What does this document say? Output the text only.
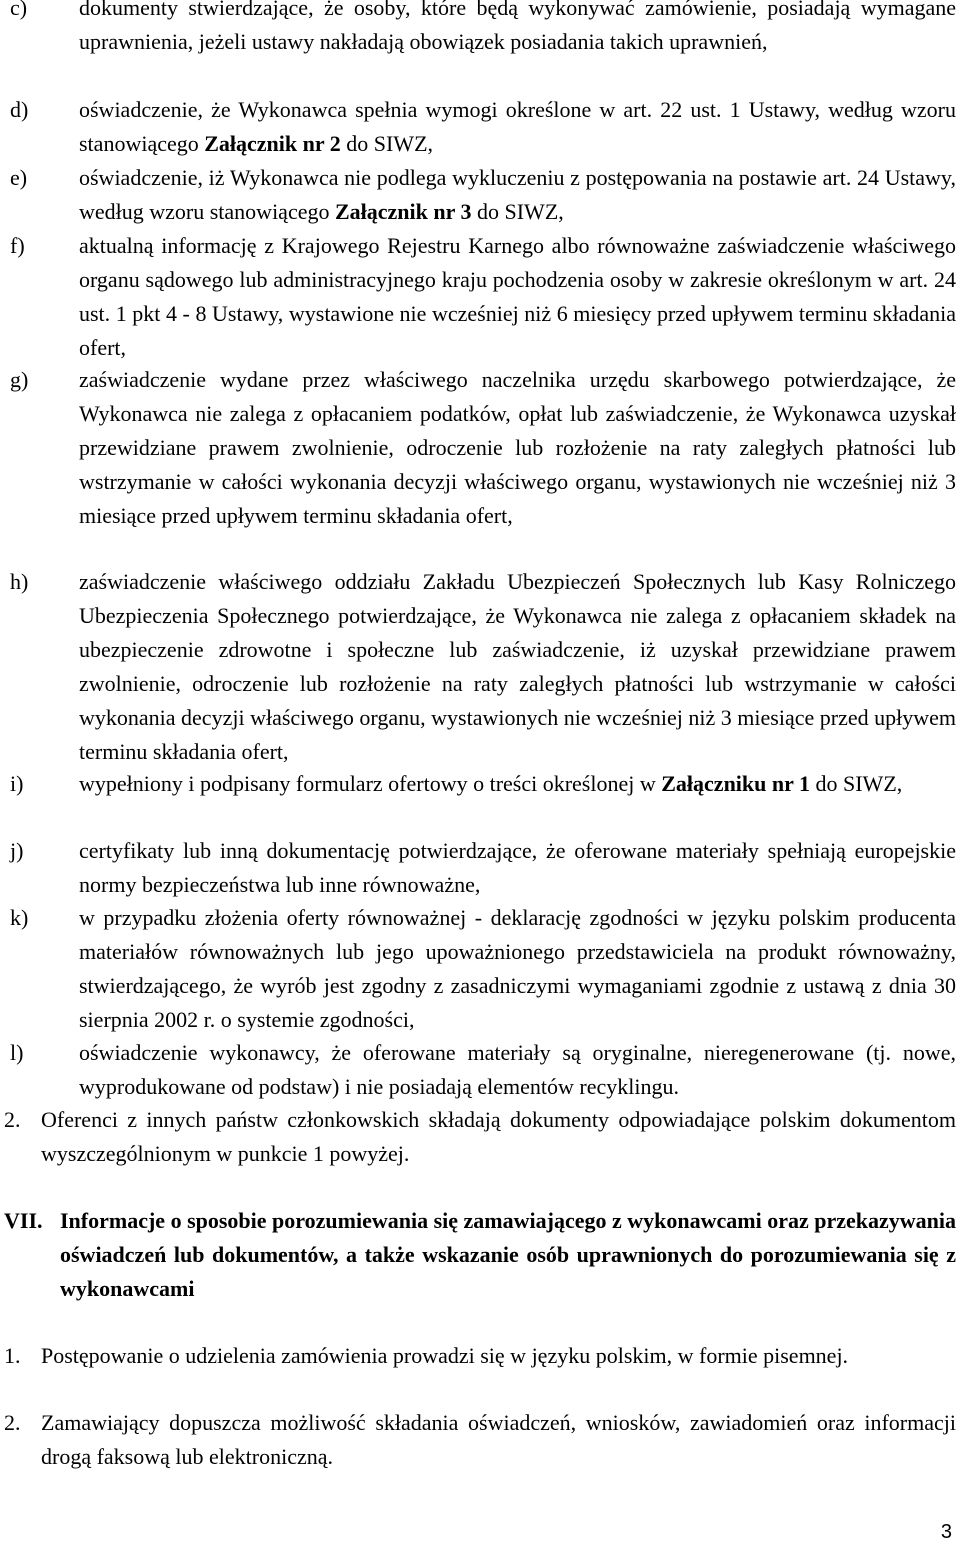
c)	dokumenty stwierdzające, że osoby, które będą wykonywać zamówienie, posiadają wymagane uprawnienia, jeżeli ustawy nakładają obowiązek posiadania takich uprawnień,
d)	oświadczenie, że Wykonawca spełnia wymogi określone w art. 22 ust. 1 Ustawy, według wzoru stanowiącego Załącznik nr 2 do SIWZ,
e)	oświadczenie, iż Wykonawca nie podlega wykluczeniu z postępowania na postawie art. 24 Ustawy, według wzoru stanowiącego Załącznik nr 3 do SIWZ,
f)	aktualną informację z Krajowego Rejestru Karnego albo równoważne zaświadczenie właściwego organu sądowego lub administracyjnego kraju pochodzenia osoby w zakresie określonym w art. 24 ust. 1 pkt 4 - 8 Ustawy, wystawione nie wcześniej niż 6 miesięcy przed upływem terminu składania ofert,
g)	zaświadczenie wydane przez właściwego naczelnika urzędu skarbowego potwierdzające, że Wykonawca nie zalega z opłacaniem podatków, opłat lub zaświadczenie, że Wykonawca uzyskał przewidziane prawem zwolnienie, odroczenie lub rozłożenie na raty zaległych płatności lub wstrzymanie w całości wykonania decyzji właściwego organu, wystawionych nie wcześniej niż 3 miesiące przed upływem terminu składania ofert,
h)	zaświadczenie właściwego oddziału Zakładu Ubezpieczeń Społecznych lub Kasy Rolniczego Ubezpieczenia Społecznego potwierdzające, że Wykonawca nie zalega z opłacaniem składek na ubezpieczenie zdrowotne i społeczne lub zaświadczenie, iż uzyskał przewidziane prawem zwolnienie, odroczenie lub rozłożenie na raty zaległych płatności lub wstrzymanie w całości wykonania decyzji właściwego organu, wystawionych nie wcześniej niż 3 miesiące przed upływem terminu składania ofert,
i)	wypełniony i podpisany formularz ofertowy o treści określonej w Załączniku nr 1 do SIWZ,
j)	certyfikaty lub inną dokumentację potwierdzające, że oferowane materiały spełniają europejskie normy bezpieczeństwa lub inne równoważne,
k)	w przypadku złożenia oferty równoważnej - deklarację zgodności w języku polskim producenta materiałów równoważnych lub jego upoważnionego przedstawiciela na produkt równoważny, stwierdzającego, że wyrób jest zgodny z zasadniczymi wymaganiami zgodnie z ustawą z dnia 30 sierpnia 2002 r. o systemie zgodności,
l)	oświadczenie wykonawcy, że oferowane materiały są oryginalne, nieregenerowane (tj. nowe, wyprodukowane od podstaw) i nie posiadają elementów recyklingu.
2. Oferenci z innych państw członkowskich składają dokumenty odpowiadające polskim dokumentom wyszczególnionym w punkcie 1 powyżej.
VII. Informacje o sposobie porozumiewania się zamawiającego z wykonawcami oraz przekazywania oświadczeń lub dokumentów, a także wskazanie osób uprawnionych do porozumiewania się z wykonawcami
1. Postępowanie o udzielenia zamówienia prowadzi się w języku polskim, w formie pisemnej.
2. Zamawiający dopuszcza możliwość składania oświadczeń, wniosków, zawiadomień oraz informacji drogą faksową lub elektroniczną.
3
